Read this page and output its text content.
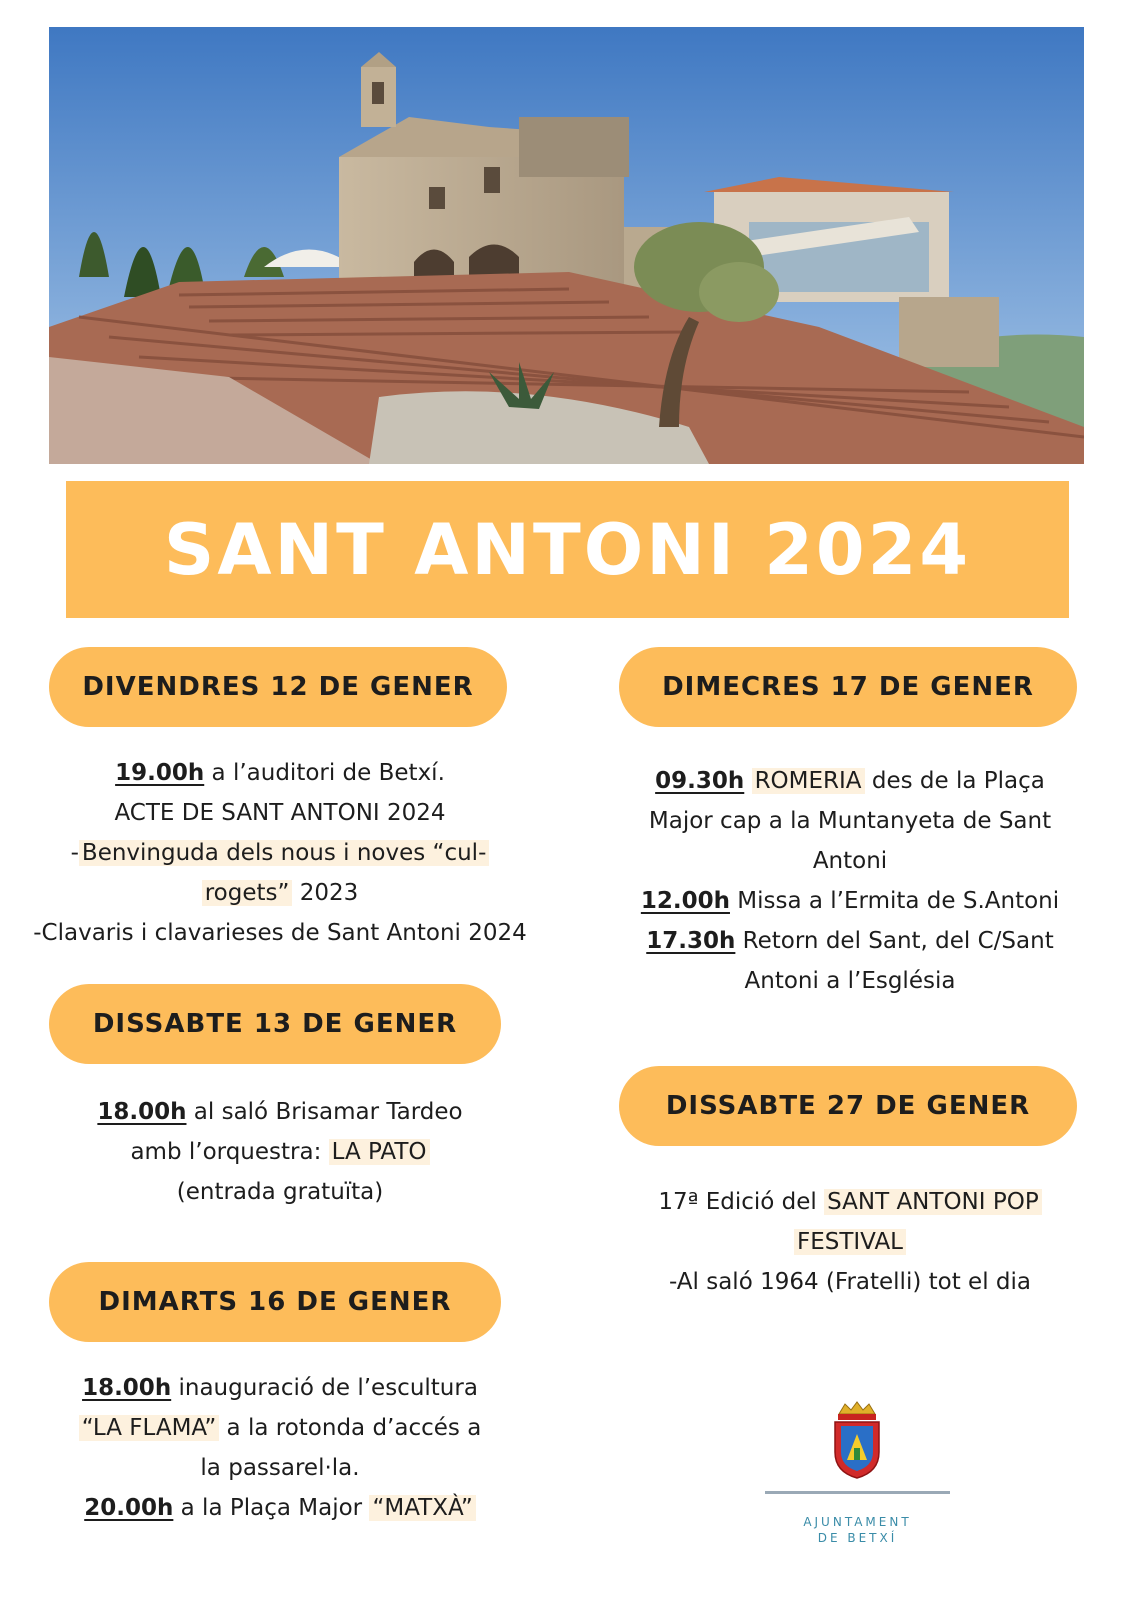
SANT ANTONI 2024
DIVENDRES 12 DE GENER

19.00h a l’auditori de Betxí.

ACTE DE SANT ANTONI 2024

- Benvinguda dels nous i noves “cul-

rogets” 2023

-Clavaris i clavarieses de Sant Antoni 2024

DISSABTE 13 DE GENER

18.00h al saló Brisamar Tardeo

amb l’orquestra: LA PATO

(entrada gratuïta)

DIMARTS 16 DE GENER

18.00h inauguració de l’escultura

“LA FLAMA” a la rotonda d’accés a

la passarel·la.

20.00h a la Plaça Major “MATXÀ”

DIMECRES 17 DE GENER

09.30h ROMERIA des de la Plaça

Major cap a la Muntanyeta de Sant

Antoni

12.00h Missa a l’Ermita de S.Antoni

17.30h Retorn del Sant, del C/Sant

Antoni a l’Església

DISSABTE 27 DE GENER

17ª Edició del SANT ANTONI POP

FESTIVAL

-Al saló 1964 (Fratelli) tot el dia

AJUNTAMENT
DE BETXÍ
